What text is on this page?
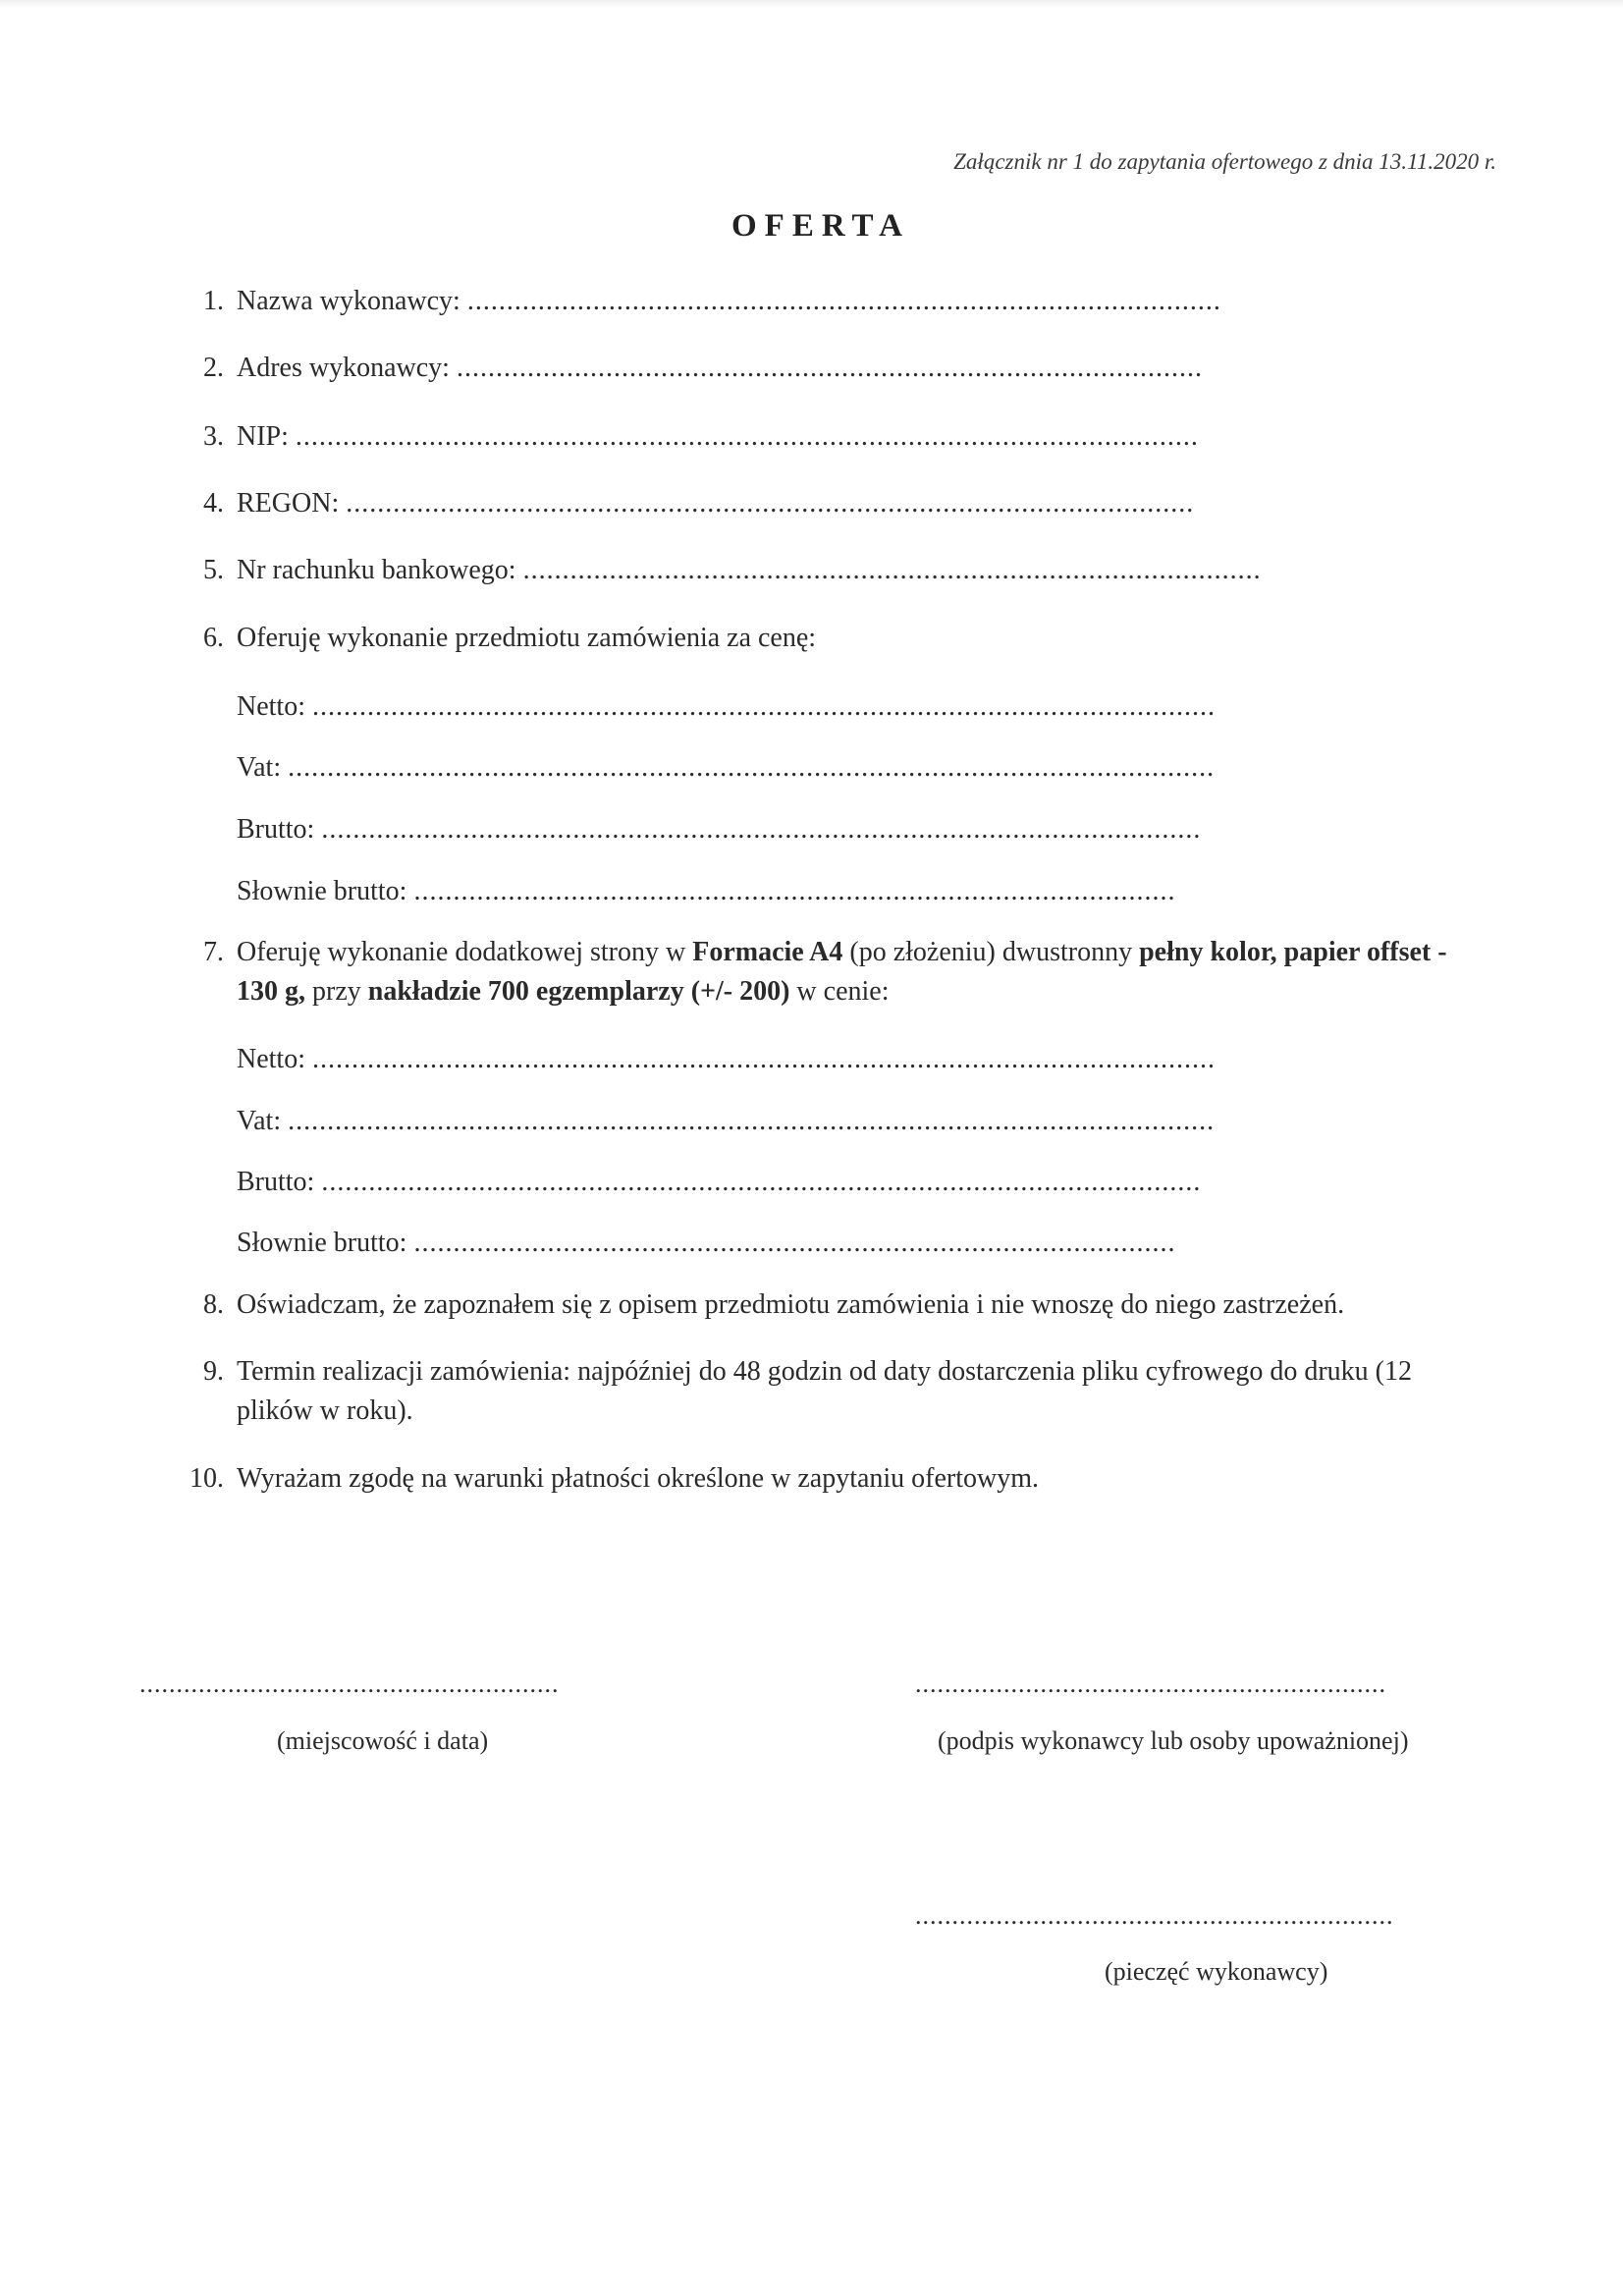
Załącznik nr 1 do zapytania ofertowego z dnia 13.11.2020 r.
OFERTA
1. Nazwa wykonawcy:
................................................................................................
2. Adres wykonawcy:
...............................................................................................
3. NIP:
...................................................................................................................
4. REGON:
............................................................................................................
5. Nr rachunku bankowego:
..............................................................................................
6. Oferuję wykonanie przedmiotu zamówienia za cenę:
Netto:
...................................................................................................................
Vat:
......................................................................................................................
Brutto:
................................................................................................................
Słownie brutto:
.................................................................................................
7. Oferuję wykonanie dodatkowej strony w Formacie A4 (po złożeniu) dwustronny pełny kolor, papier offset - 130 g, przy nakładzie 700 egzemplarzy (+/- 200) w cenie:
Netto:
...................................................................................................................
Vat:
......................................................................................................................
Brutto:
................................................................................................................
Słownie brutto:
.................................................................................................
8. Oświadczam, że zapoznałem się z opisem przedmiotu zamówienia i nie wnoszę do niego zastrzeżeń.
9. Termin realizacji zamówienia: najpóźniej do 48 godzin od daty dostarczenia pliku cyfrowego do druku (12 plików w roku).
10. Wyrażam zgodę na warunki płatności określone w zapytaniu ofertowym.
.........................................................
(miejscowość i data)
................................................................
(podpis wykonawcy lub osoby upoważnionej)
.................................................................
(pieczęć wykonawcy)
